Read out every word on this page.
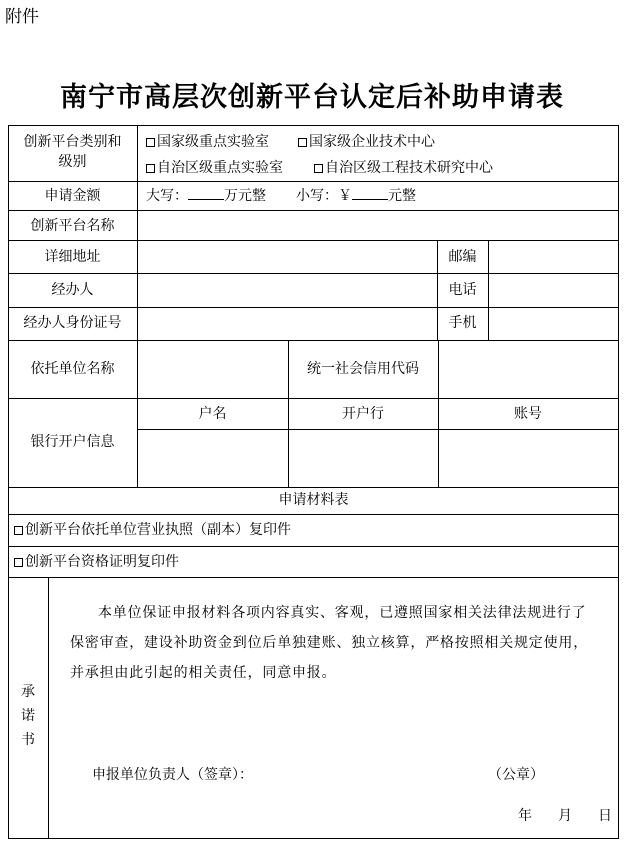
附件
南宁市高层次创新平台认定后补助申请表
创新平台类别和
级别
国家级重点实验室	国家级企业技术中心
自治区级重点实验室	自治区级工程技术研究中心
申请金额	大写：	万元整 小写：￥	元整
创新平台名称
详细地址	邮编
经办人	电话
经办人身份证号	手机
依托单位名称	统一社会信用代码
银行开户信息
户名	开户行	账号
申请材料表
创新平台依托单位营业执照（副本）复印件
创新平台资格证明复印件
承
诺
书
本单位保证申报材料各项内容真实、客观，已遵照国家相关法律法规进行了保密审查，建设补助资金到位后单独建账、独立核算，严格按照相关规定使用，并承担由此引起的相关责任，同意申报。
申报单位负责人（签章）：	（公章）
年 月 日
